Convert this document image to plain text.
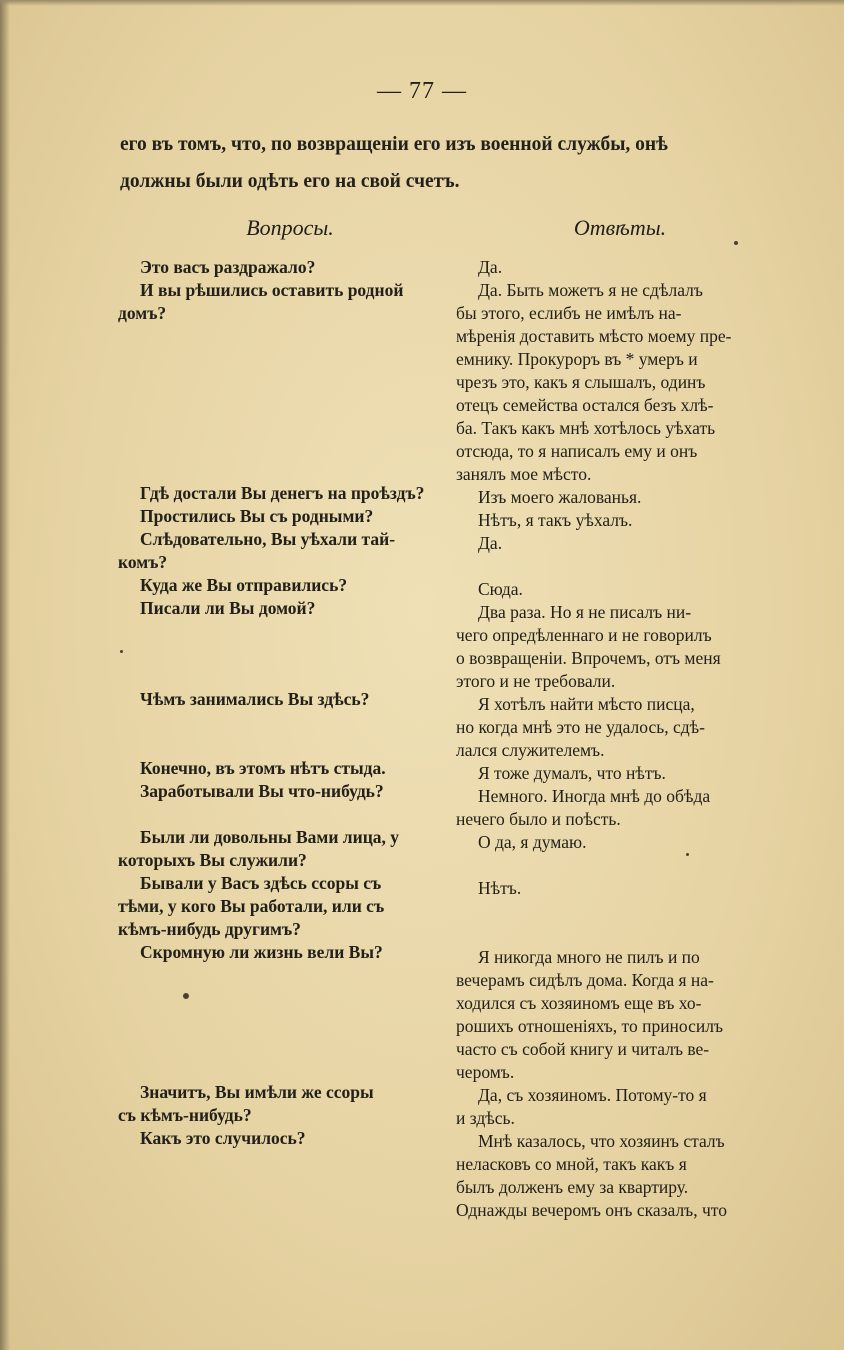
— 77 —

его въ томъ, что, по возвращеніи его изъ военной службы, онѣ

должны были одѣть его на свой счетъ.

Вопросы.	Отвѣты.
Это васъ раздражало?
И вы рѣшились оставить родной
домъ?
Гдѣ достали Вы денегъ на проѣздъ?
Простились Вы съ родными?
Слѣдовательно, Вы уѣхали тай-
комъ?
Куда же Вы отправились?
Писали ли Вы домой?
Чѣмъ занимались Вы здѣсь?
Конечно, въ этомъ нѣтъ стыда.
Заработывали Вы что-нибудь?
Были ли довольны Вами лица, у
которыхъ Вы служили?
Бывали у Васъ здѣсь ссоры съ
тѣми, у кого Вы работали, или съ
кѣмъ-нибудь другимъ?
Скромную ли жизнь вели Вы?
Значитъ, Вы имѣли же ссоры
съ кѣмъ-нибудь?
Какъ это случилось?
Да.
Да. Быть можетъ я не сдѣлалъ
бы этого, еслибъ не имѣлъ на-
мѣренія доставить мѣсто моему пре-
емнику. Прокуроръ въ * умеръ и
чрезъ это, какъ я слышалъ, одинъ
отецъ семейства остался безъ хлѣ-
ба. Такъ какъ мнѣ хотѣлось уѣхать
отсюда, то я написалъ ему и онъ
занялъ мое мѣсто.
Изъ моего жалованья.
Нѣтъ, я такъ уѣхалъ.
Да.
Сюда.
Два раза. Но я не писалъ ни-
чего опредѣленнаго и не говорилъ
о возвращеніи. Впрочемъ, отъ меня
этого и не требовали.
Я хотѣлъ найти мѣсто писца,
но когда мнѣ это не удалось, сдѣ-
лался служителемъ.
Я тоже думалъ, что нѣтъ.
Немного. Иногда мнѣ до обѣда
нечего было и поѣсть.
О да, я думаю.
Нѣтъ.
Я никогда много не пилъ и по
вечерамъ сидѣлъ дома. Когда я на-
ходился съ хозяиномъ еще въ хо-
рошихъ отношеніяхъ, то приносилъ
часто съ собой книгу и читалъ ве-
черомъ.
Да, съ хозяиномъ. Потому-то я
и здѣсь.
Мнѣ казалось, что хозяинъ сталъ
неласковъ со мной, такъ какъ я
былъ долженъ ему за квартиру.
Однажды вечеромъ онъ сказалъ, что
